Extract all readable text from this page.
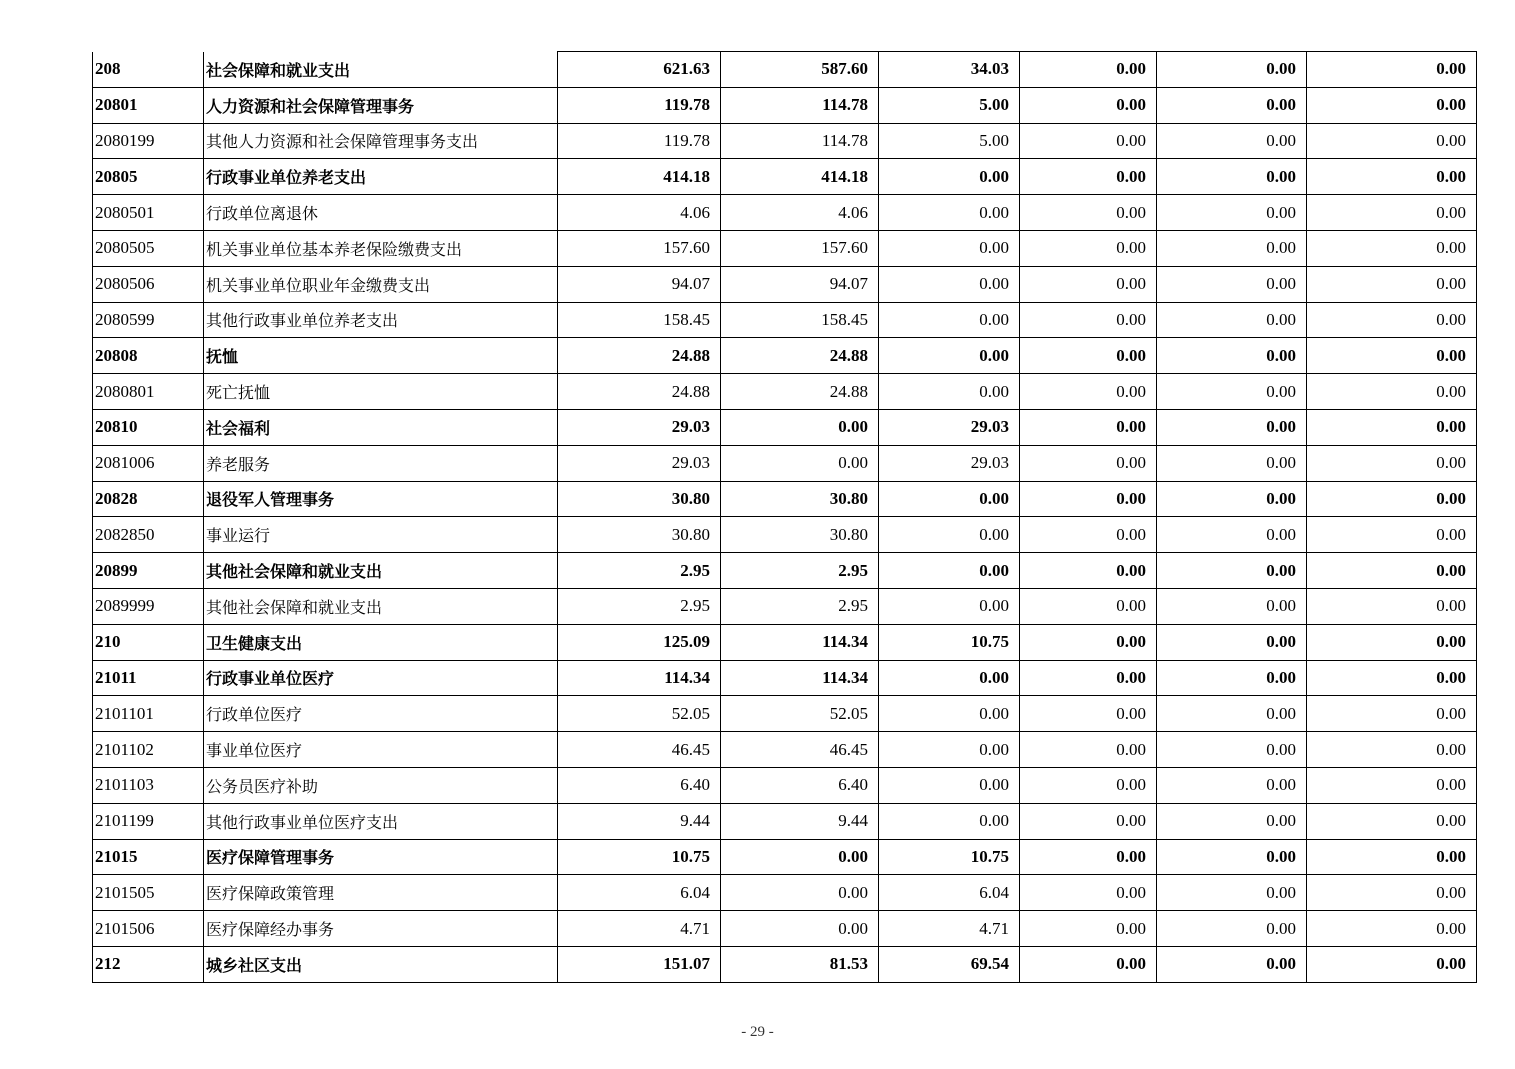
208	社会保障和就业支出	621.63	587.60	34.03	0.00	0.00	0.00
20801	人力资源和社会保障管理事务	119.78	114.78	5.00	0.00	0.00	0.00
2080199	其他人力资源和社会保障管理事务支出	119.78	114.78	5.00	0.00	0.00	0.00
20805	行政事业单位养老支出	414.18	414.18	0.00	0.00	0.00	0.00
2080501	行政单位离退休	4.06	4.06	0.00	0.00	0.00	0.00
2080505	机关事业单位基本养老保险缴费支出	157.60	157.60	0.00	0.00	0.00	0.00
2080506	机关事业单位职业年金缴费支出	94.07	94.07	0.00	0.00	0.00	0.00
2080599	其他行政事业单位养老支出	158.45	158.45	0.00	0.00	0.00	0.00
20808	抚恤	24.88	24.88	0.00	0.00	0.00	0.00
2080801	死亡抚恤	24.88	24.88	0.00	0.00	0.00	0.00
20810	社会福利	29.03	0.00	29.03	0.00	0.00	0.00
2081006	养老服务	29.03	0.00	29.03	0.00	0.00	0.00
20828	退役军人管理事务	30.80	30.80	0.00	0.00	0.00	0.00
2082850	事业运行	30.80	30.80	0.00	0.00	0.00	0.00
20899	其他社会保障和就业支出	2.95	2.95	0.00	0.00	0.00	0.00
2089999	其他社会保障和就业支出	2.95	2.95	0.00	0.00	0.00	0.00
210	卫生健康支出	125.09	114.34	10.75	0.00	0.00	0.00
21011	行政事业单位医疗	114.34	114.34	0.00	0.00	0.00	0.00
2101101	行政单位医疗	52.05	52.05	0.00	0.00	0.00	0.00
2101102	事业单位医疗	46.45	46.45	0.00	0.00	0.00	0.00
2101103	公务员医疗补助	6.40	6.40	0.00	0.00	0.00	0.00
2101199	其他行政事业单位医疗支出	9.44	9.44	0.00	0.00	0.00	0.00
21015	医疗保障管理事务	10.75	0.00	10.75	0.00	0.00	0.00
2101505	医疗保障政策管理	6.04	0.00	6.04	0.00	0.00	0.00
2101506	医疗保障经办事务	4.71	0.00	4.71	0.00	0.00	0.00
212	城乡社区支出	151.07	81.53	69.54	0.00	0.00	0.00
- 29 -
